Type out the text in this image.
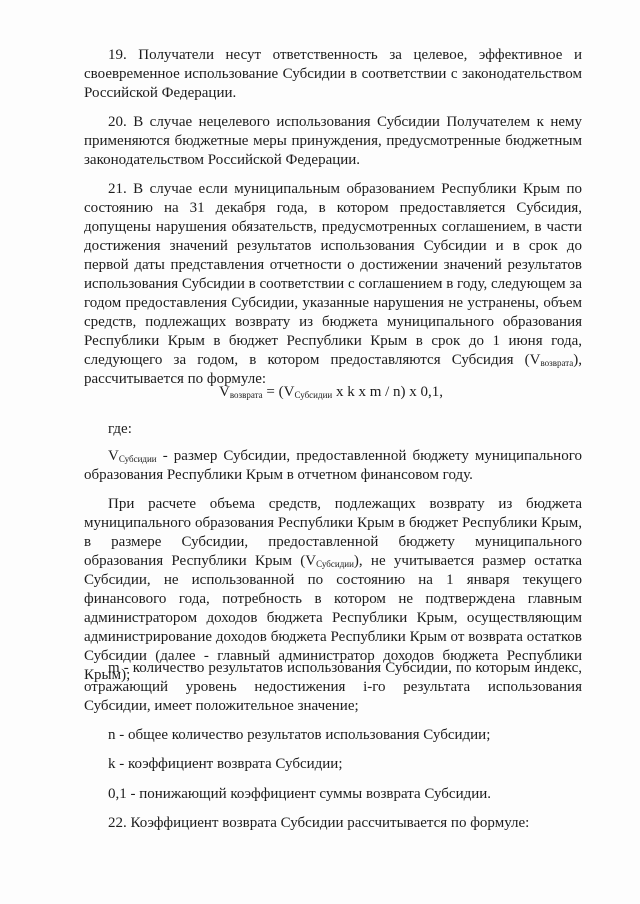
19. Получатели несут ответственность за целевое, эффективное и своевременное использование Субсидии в соответствии с законодательством Российской Федерации.

20. В случае нецелевого использования Субсидии Получателем к нему применяются бюджетные меры принуждения, предусмотренные бюджетным законодательством Российской Федерации.

21. В случае если муниципальным образованием Республики Крым по состоянию на 31 декабря года, в котором предоставляется Субсидия, допущены нарушения обязательств, предусмотренных соглашением, в части достижения значений результатов использования Субсидии и в срок до первой даты представления отчетности о достижении значений результатов использования Субсидии в соответствии с соглашением в году, следующем за годом предоставления Субсидии, указанные нарушения не устранены, объем средств, подлежащих возврату из бюджета муниципального образования Республики Крым в бюджет Республики Крым в срок до 1 июня года, следующего за годом, в котором предоставляются Субсидия $(V_{возврата})$, рассчитывается по формуле:

$V_{возврата} = (V_{Субсидии}$ x k x m / n) x 0,1,

где:

$V_{Субсидии}$ - размер Субсидии, предоставленной бюджету муниципального образования Республики Крым в отчетном финансовом году.

При расчете объема средств, подлежащих возврату из бюджета муниципального образования Республики Крым в бюджет Республики Крым, в размере Субсидии, предоставленной бюджету муниципального образования Республики Крым $(V_{Субсидии})$, не учитывается размер остатка Субсидии, не использованной по состоянию на 1 января текущего финансового года, потребность в котором не подтверждена главным администратором доходов бюджета Республики Крым, осуществляющим администрирование доходов бюджета Республики Крым от возврата остатков Субсидии (далее - главный администратор доходов бюджета Республики Крым);

m - количество результатов использования Субсидии, по которым индекс, отражающий уровень недостижения i-го результата использования Субсидии, имеет положительное значение;

n - общее количество результатов использования Субсидии;

k - коэффициент возврата Субсидии;

0,1 - понижающий коэффициент суммы возврата Субсидии.

22. Коэффициент возврата Субсидии рассчитывается по формуле:
